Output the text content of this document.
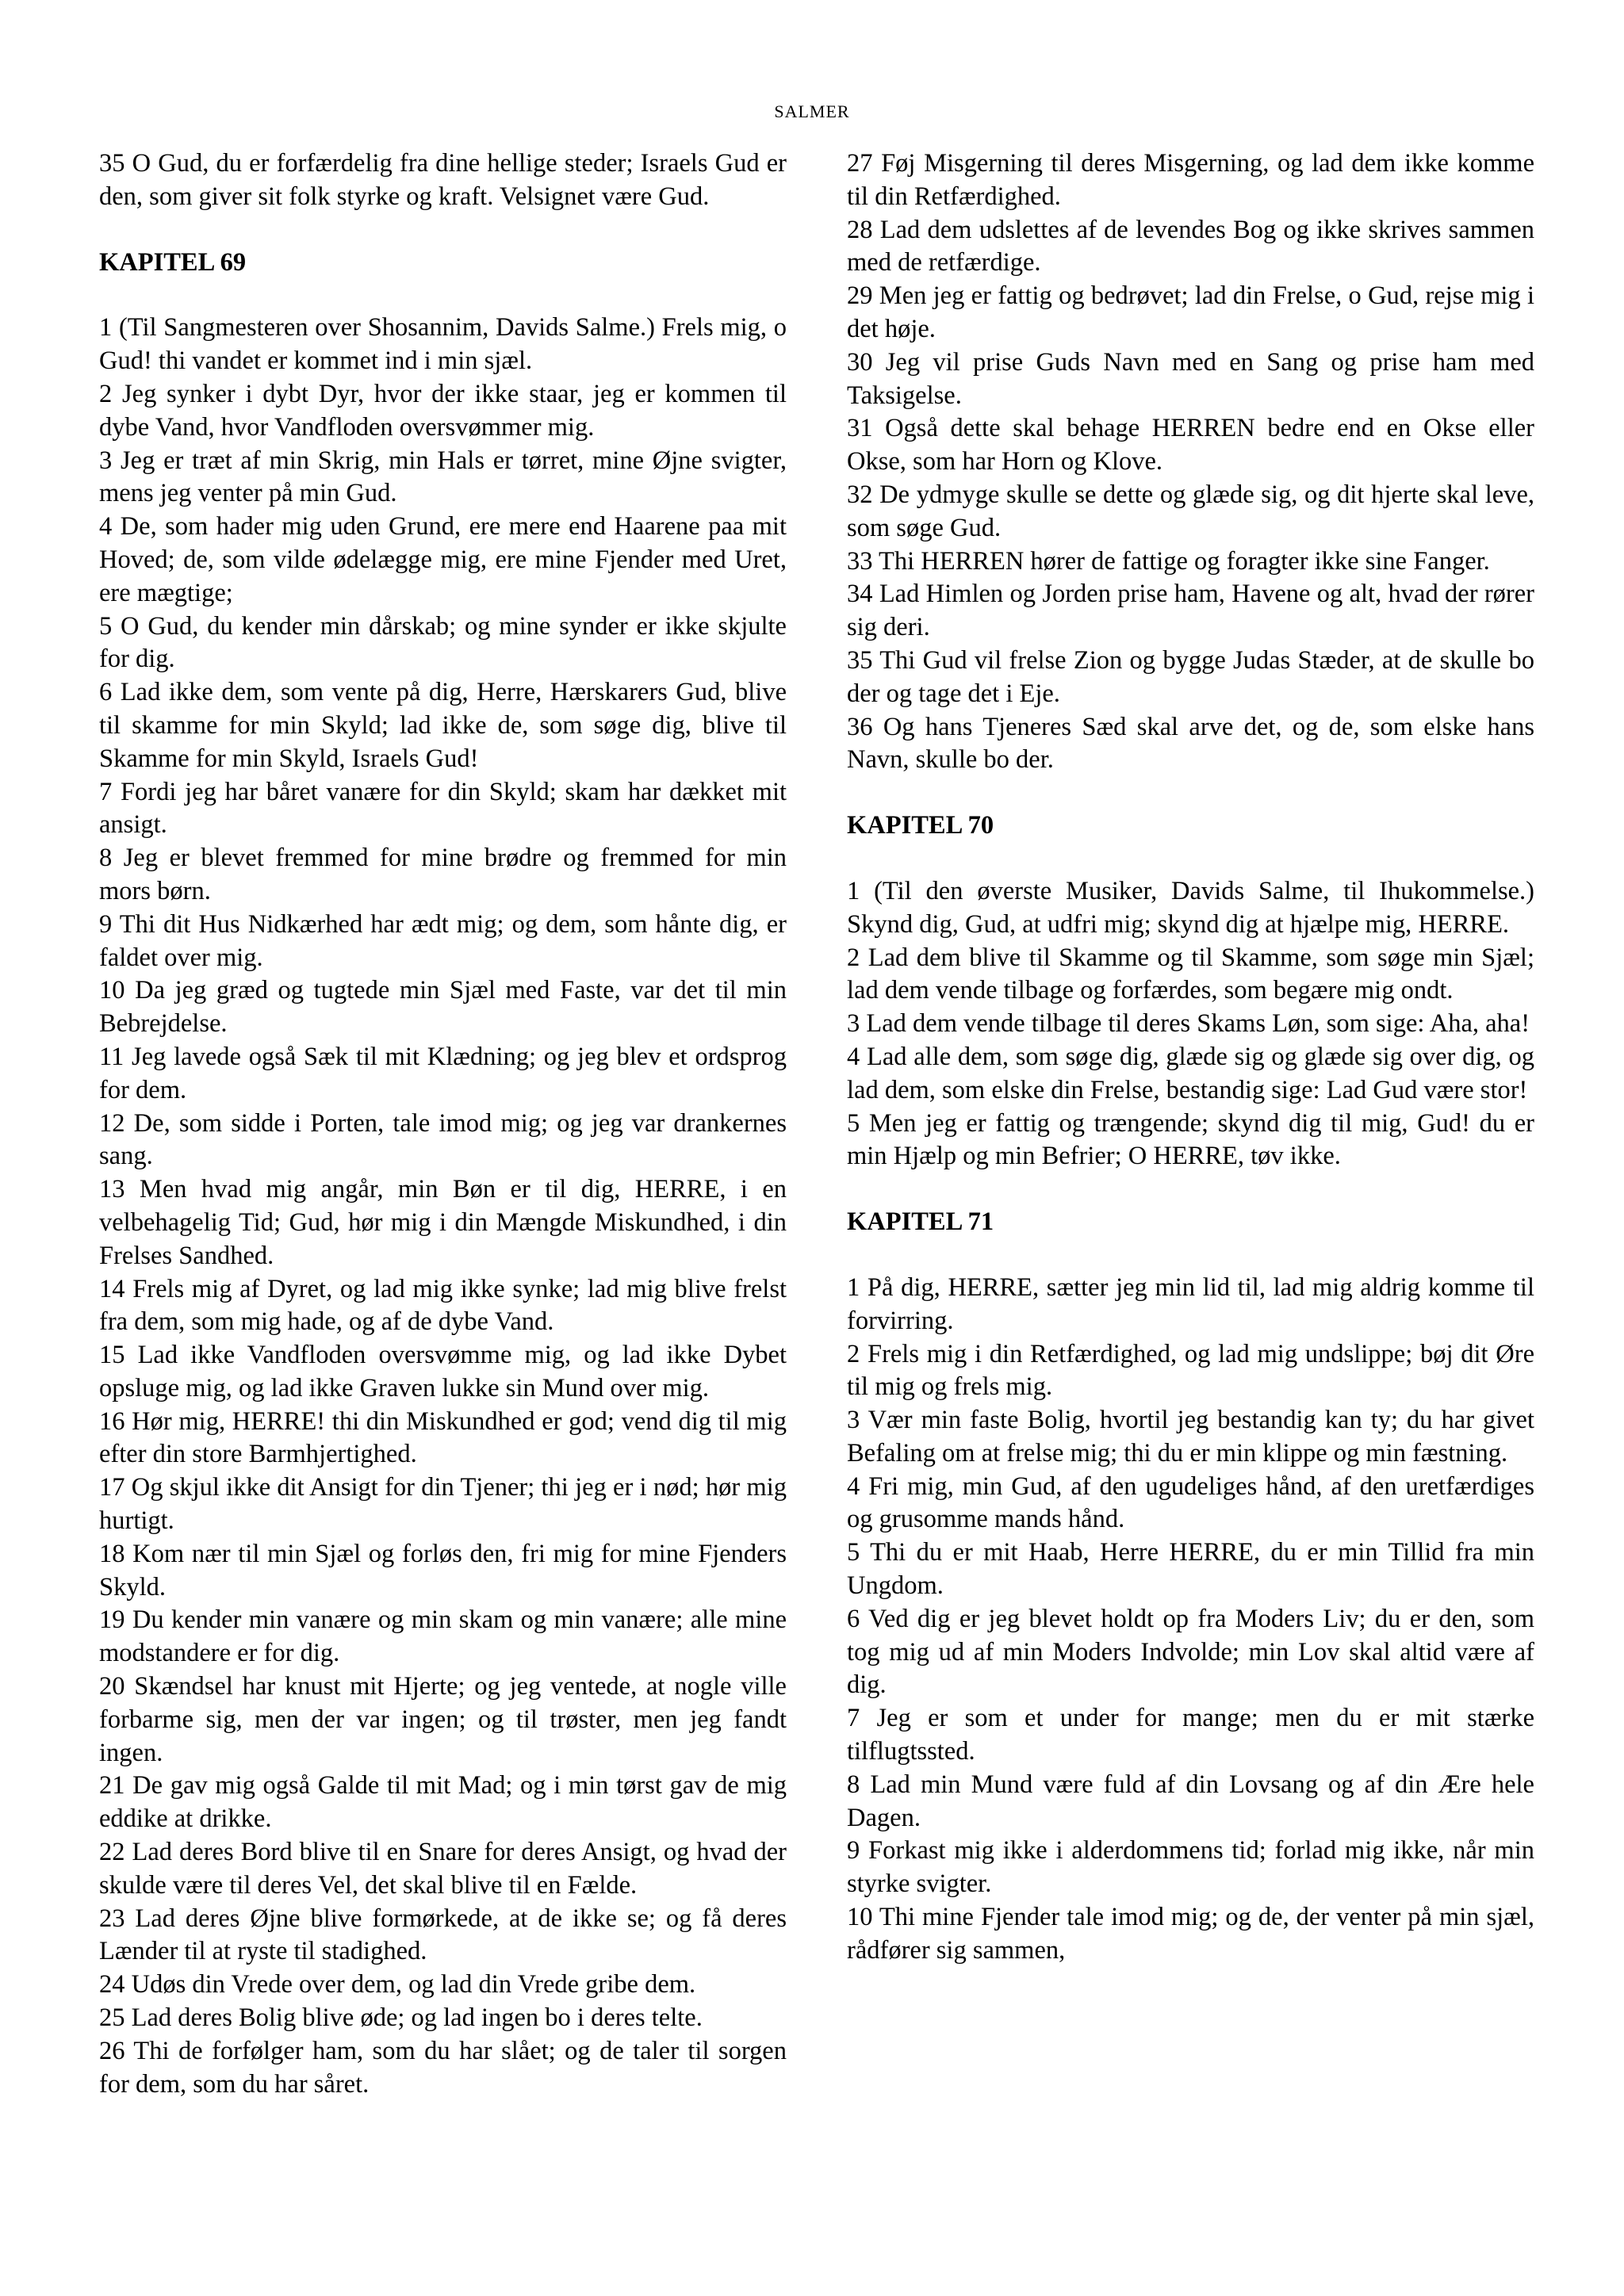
SALMER

35 O Gud, du er forfærdelig fra dine hellige steder; Israels Gud er den, som giver sit folk styrke og kraft. Velsignet være Gud.

KAPITEL 69

1 (Til Sangmesteren over Shosannim, Davids Salme.) Frels mig, o Gud! thi vandet er kommet ind i min sjæl.

2 Jeg synker i dybt Dyr, hvor der ikke staar, jeg er kommen til dybe Vand, hvor Vandfloden oversvømmer mig.

3 Jeg er træt af min Skrig, min Hals er tørret, mine Øjne svigter, mens jeg venter på min Gud.

4 De, som hader mig uden Grund, ere mere end Haarene paa mit Hoved; de, som vilde ødelægge mig, ere mine Fjender med Uret, ere mægtige;

5 O Gud, du kender min dårskab; og mine synder er ikke skjulte for dig.

6 Lad ikke dem, som vente på dig, Herre, Hærskarers Gud, blive til skamme for min Skyld; lad ikke de, som søge dig, blive til Skamme for min Skyld, Israels Gud!

7 Fordi jeg har båret vanære for din Skyld; skam har dækket mit ansigt.

8 Jeg er blevet fremmed for mine brødre og fremmed for min mors børn.

9 Thi dit Hus Nidkærhed har ædt mig; og dem, som hånte dig, er faldet over mig.

10 Da jeg græd og tugtede min Sjæl med Faste, var det til min Bebrejdelse.

11 Jeg lavede også Sæk til mit Klædning; og jeg blev et ordsprog for dem.

12 De, som sidde i Porten, tale imod mig; og jeg var drankernes sang.

13 Men hvad mig angår, min Bøn er til dig, HERRE, i en velbehagelig Tid; Gud, hør mig i din Mængde Miskundhed, i din Frelses Sandhed.

14 Frels mig af Dyret, og lad mig ikke synke; lad mig blive frelst fra dem, som mig hade, og af de dybe Vand.

15 Lad ikke Vandfloden oversvømme mig, og lad ikke Dybet opsluge mig, og lad ikke Graven lukke sin Mund over mig.

16 Hør mig, HERRE! thi din Miskundhed er god; vend dig til mig efter din store Barmhjertighed.

17 Og skjul ikke dit Ansigt for din Tjener; thi jeg er i nød; hør mig hurtigt.

18 Kom nær til min Sjæl og forløs den, fri mig for mine Fjenders Skyld.

19 Du kender min vanære og min skam og min vanære; alle mine modstandere er for dig.

20 Skændsel har knust mit Hjerte; og jeg ventede, at nogle ville forbarme sig, men der var ingen; og til trøster, men jeg fandt ingen.

21 De gav mig også Galde til mit Mad; og i min tørst gav de mig eddike at drikke.

22 Lad deres Bord blive til en Snare for deres Ansigt, og hvad der skulde være til deres Vel, det skal blive til en Fælde.

23 Lad deres Øjne blive formørkede, at de ikke se; og få deres Lænder til at ryste til stadighed.

24 Udøs din Vrede over dem, og lad din Vrede gribe dem.

25 Lad deres Bolig blive øde; og lad ingen bo i deres telte.

26 Thi de forfølger ham, som du har slået; og de taler til sorgen for dem, som du har såret.

27 Føj Misgerning til deres Misgerning, og lad dem ikke komme til din Retfærdighed.

28 Lad dem udslettes af de levendes Bog og ikke skrives sammen med de retfærdige.

29 Men jeg er fattig og bedrøvet; lad din Frelse, o Gud, rejse mig i det høje.

30 Jeg vil prise Guds Navn med en Sang og prise ham med Taksigelse.

31 Også dette skal behage HERREN bedre end en Okse eller Okse, som har Horn og Klove.

32 De ydmyge skulle se dette og glæde sig, og dit hjerte skal leve, som søge Gud.

33 Thi HERREN hører de fattige og foragter ikke sine Fanger.

34 Lad Himlen og Jorden prise ham, Havene og alt, hvad der rører sig deri.

35 Thi Gud vil frelse Zion og bygge Judas Stæder, at de skulle bo der og tage det i Eje.

36 Og hans Tjeneres Sæd skal arve det, og de, som elske hans Navn, skulle bo der.

KAPITEL 70

1 (Til den øverste Musiker, Davids Salme, til Ihukommelse.) Skynd dig, Gud, at udfri mig; skynd dig at hjælpe mig, HERRE.

2 Lad dem blive til Skamme og til Skamme, som søge min Sjæl; lad dem vende tilbage og forfærdes, som begære mig ondt.

3 Lad dem vende tilbage til deres Skams Løn, som sige: Aha, aha!

4 Lad alle dem, som søge dig, glæde sig og glæde sig over dig, og lad dem, som elske din Frelse, bestandig sige: Lad Gud være stor!

5 Men jeg er fattig og trængende; skynd dig til mig, Gud! du er min Hjælp og min Befrier; O HERRE, tøv ikke.

KAPITEL 71

1 På dig, HERRE, sætter jeg min lid til, lad mig aldrig komme til forvirring.

2 Frels mig i din Retfærdighed, og lad mig undslippe; bøj dit Øre til mig og frels mig.

3 Vær min faste Bolig, hvortil jeg bestandig kan ty; du har givet Befaling om at frelse mig; thi du er min klippe og min fæstning.

4 Fri mig, min Gud, af den ugudeliges hånd, af den uretfærdiges og grusomme mands hånd.

5 Thi du er mit Haab, Herre HERRE, du er min Tillid fra min Ungdom.

6 Ved dig er jeg blevet holdt op fra Moders Liv; du er den, som tog mig ud af min Moders Indvolde; min Lov skal altid være af dig.

7 Jeg er som et under for mange; men du er mit stærke tilflugtssted.

8 Lad min Mund være fuld af din Lovsang og af din Ære hele Dagen.

9 Forkast mig ikke i alderdommens tid; forlad mig ikke, når min styrke svigter.

10 Thi mine Fjender tale imod mig; og de, der venter på min sjæl, rådfører sig sammen,
